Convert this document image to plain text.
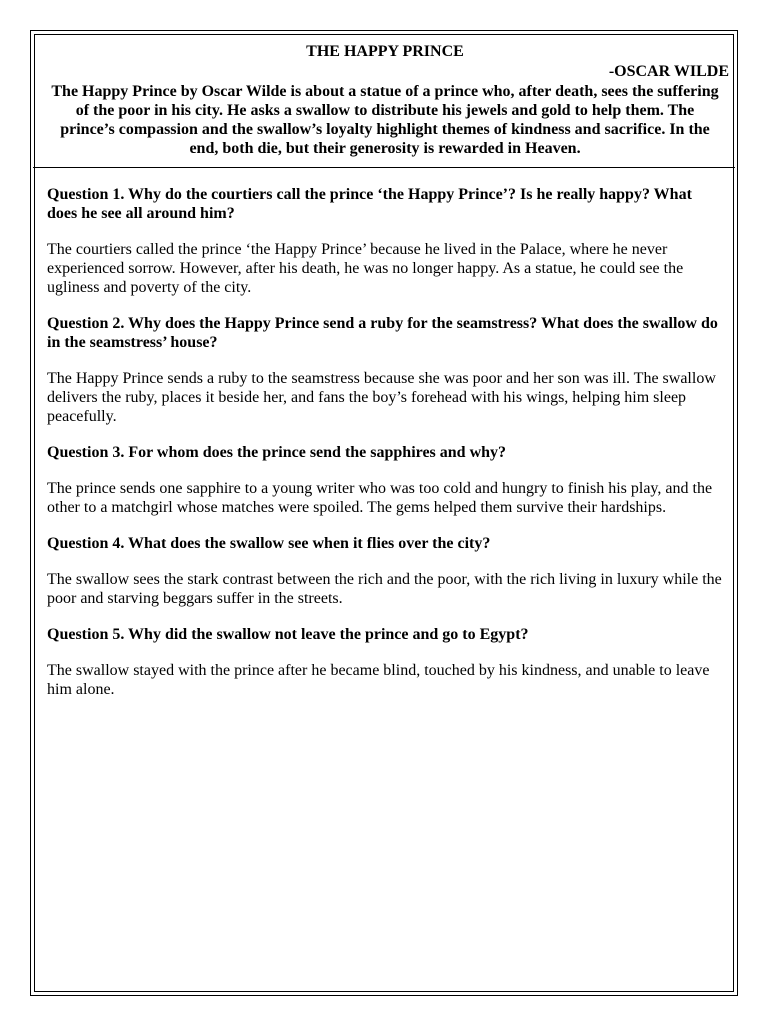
THE HAPPY PRINCE

-OSCAR WILDE

The Happy Prince by Oscar Wilde is about a statue of a prince who, after death, sees the suffering of the poor in his city. He asks a swallow to distribute his jewels and gold to help them. The prince’s compassion and the swallow’s loyalty highlight themes of kindness and sacrifice. In the end, both die, but their generosity is rewarded in Heaven.

Question 1. Why do the courtiers call the prince ‘the Happy Prince’? Is he really happy? What does he see all around him?

The courtiers called the prince ‘the Happy Prince’ because he lived in the Palace, where he never experienced sorrow. However, after his death, he was no longer happy. As a statue, he could see the ugliness and poverty of the city.

Question 2. Why does the Happy Prince send a ruby for the seamstress? What does the swallow do in the seamstress’ house?

The Happy Prince sends a ruby to the seamstress because she was poor and her son was ill. The swallow delivers the ruby, places it beside her, and fans the boy’s forehead with his wings, helping him sleep peacefully.

Question 3. For whom does the prince send the sapphires and why?

The prince sends one sapphire to a young writer who was too cold and hungry to finish his play, and the other to a matchgirl whose matches were spoiled. The gems helped them survive their hardships.

Question 4. What does the swallow see when it flies over the city?

The swallow sees the stark contrast between the rich and the poor, with the rich living in luxury while the poor and starving beggars suffer in the streets.

Question 5. Why did the swallow not leave the prince and go to Egypt?

The swallow stayed with the prince after he became blind, touched by his kindness, and unable to leave him alone.
